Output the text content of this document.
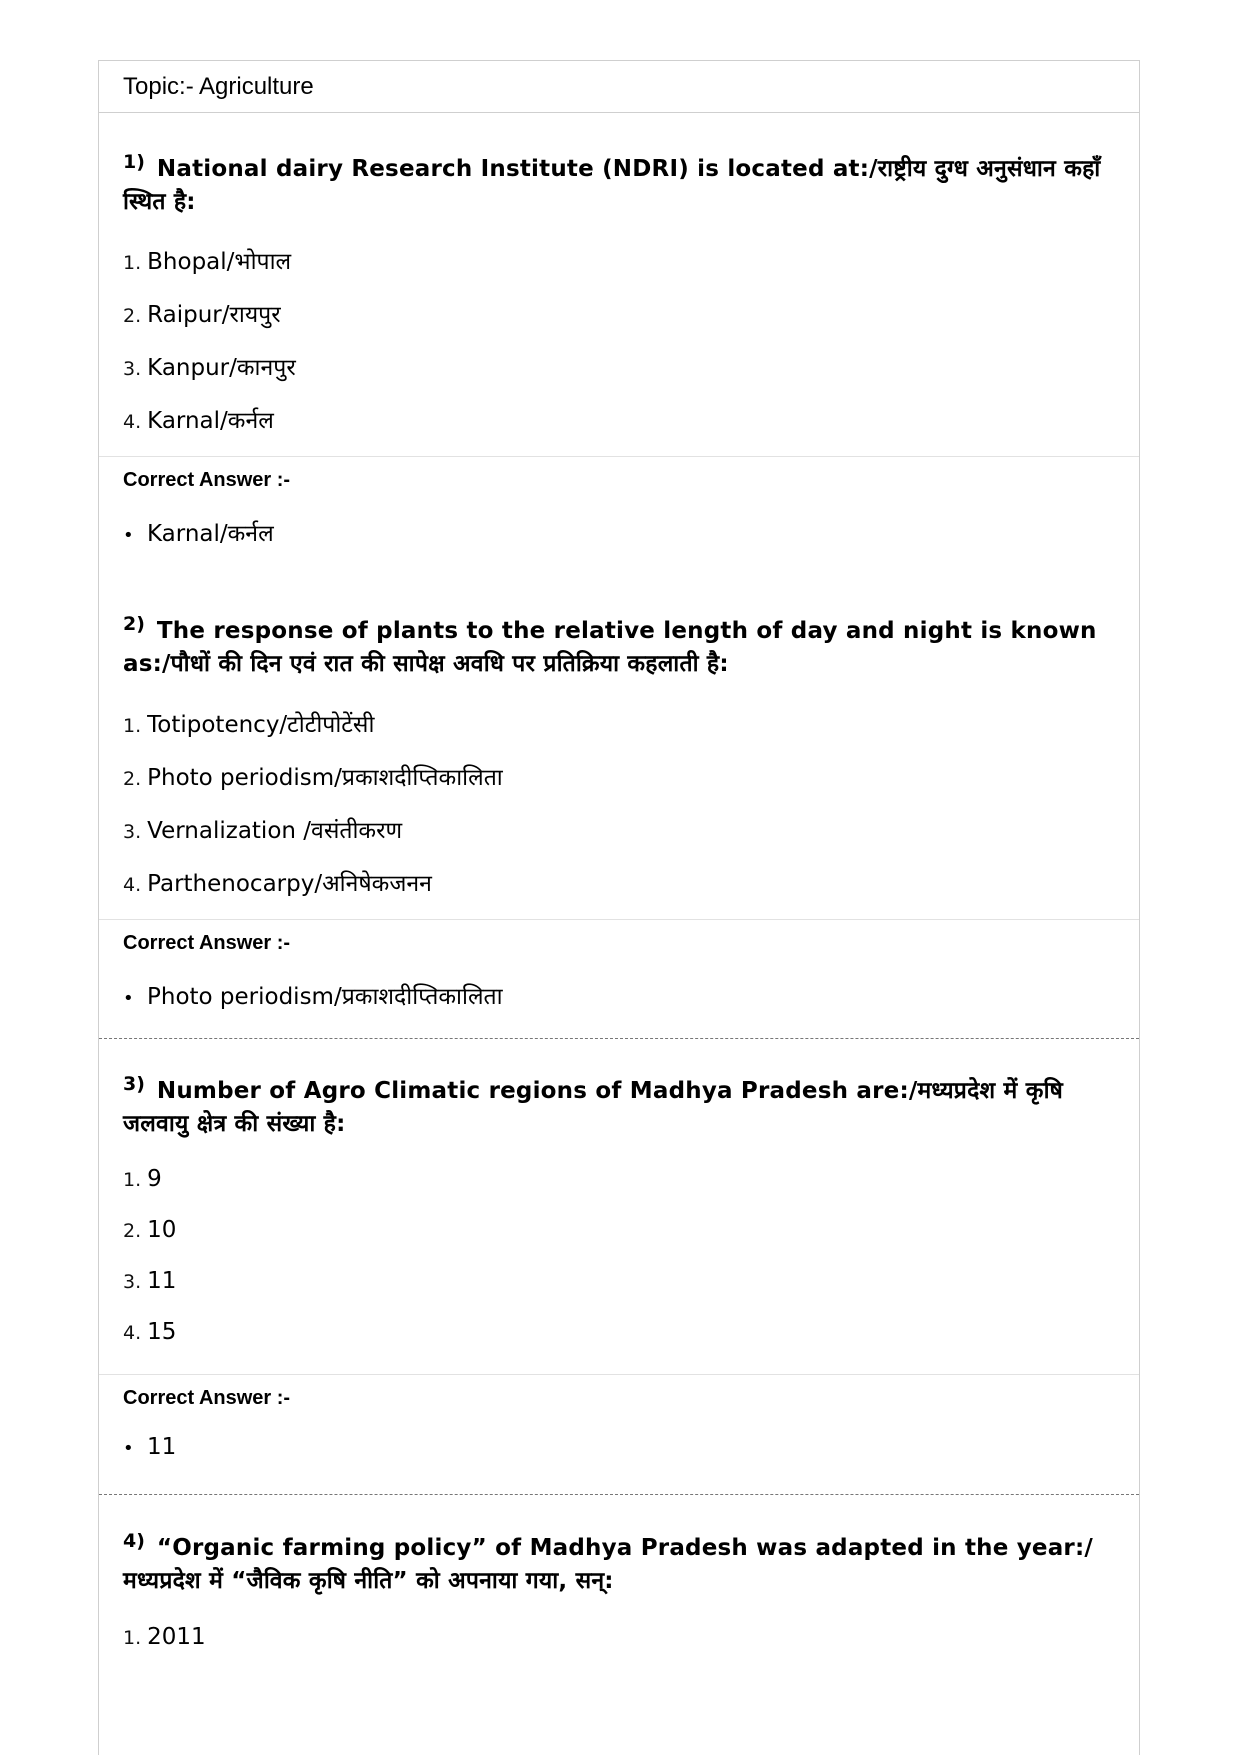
Topic:- Agriculture
1) National dairy Research Institute (NDRI) is located at:/राष्ट्रीय दुग्ध अनुसंधान कहाँ स्थित है:
1. Bhopal/भोपाल
2. Raipur/रायपुर
3. Kanpur/कानपुर
4. Karnal/कर्नल
Correct Answer :-
• Karnal/कर्नल
2) The response of plants to the relative length of day and night is known as:/पौधों की दिन एवं रात की सापेक्ष अवधि पर प्रतिक्रिया कहलाती है:
1. Totipotency/टोटीपोटेंसी
2. Photo periodism/प्रकाशदीप्तिकालिता
3. Vernalization /वसंतीकरण
4. Parthenocarpy/अनिषेकजनन
Correct Answer :-
• Photo periodism/प्रकाशदीप्तिकालिता
3) Number of Agro Climatic regions of Madhya Pradesh are:/मध्यप्रदेश में कृषि जलवायु क्षेत्र की संख्या है:
1. 9
2. 10
3. 11
4. 15
Correct Answer :-
• 11
4) “Organic farming policy” of Madhya Pradesh was adapted in the year:/ मध्यप्रदेश में “जैविक कृषि नीति” को अपनाया गया, सन्:
1. 2011
